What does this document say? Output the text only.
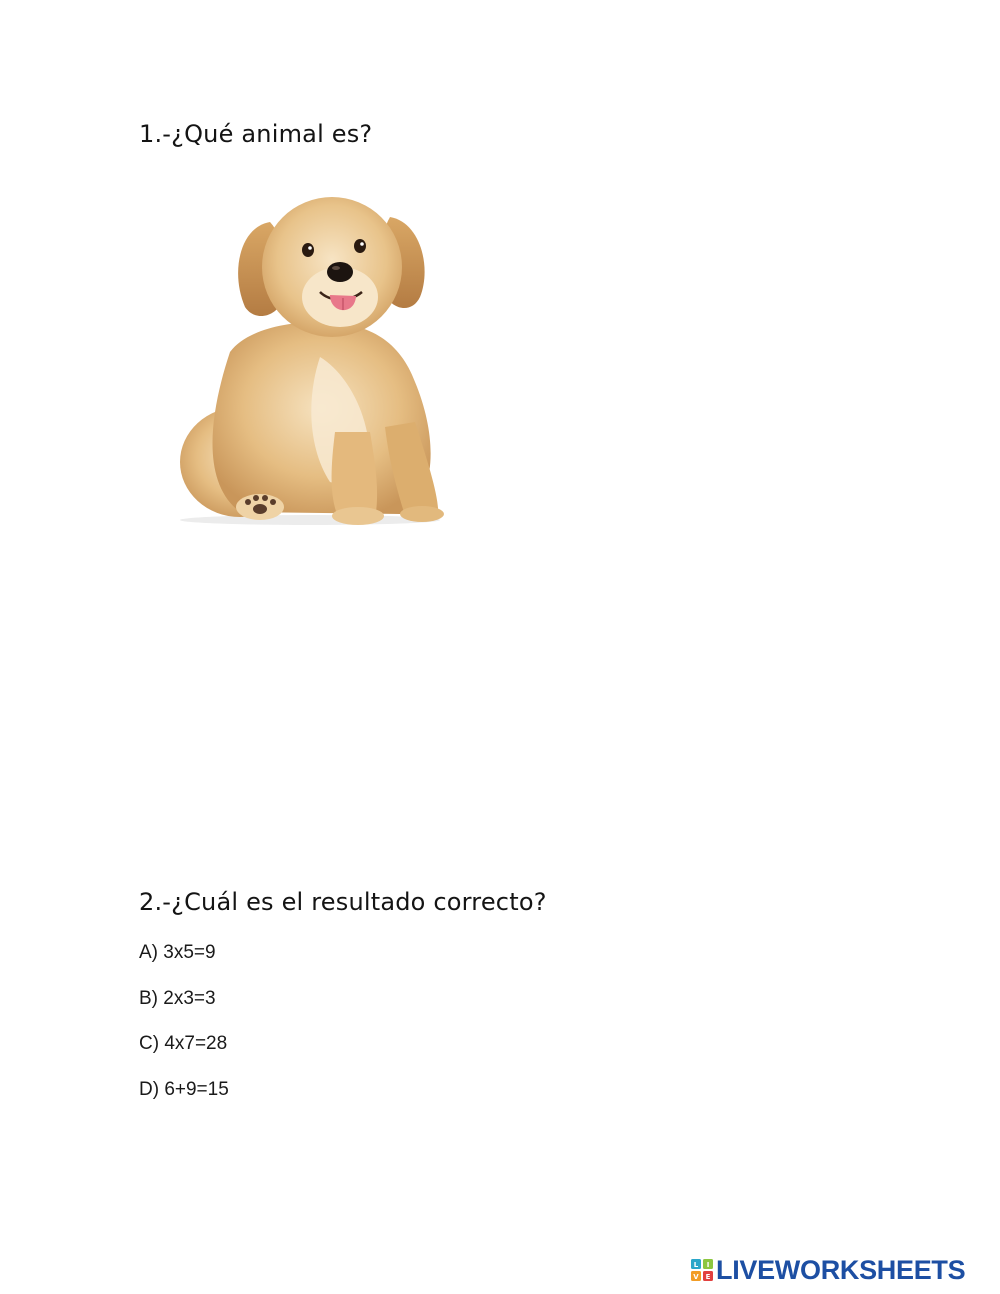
1.-¿Qué animal es?
2.-¿Cuál es el resultado correcto?
A) 3x5=9
B) 2x3=3
C) 4x7=28
D) 6+9=15
L I
V E LIVEWORKSHEETS
